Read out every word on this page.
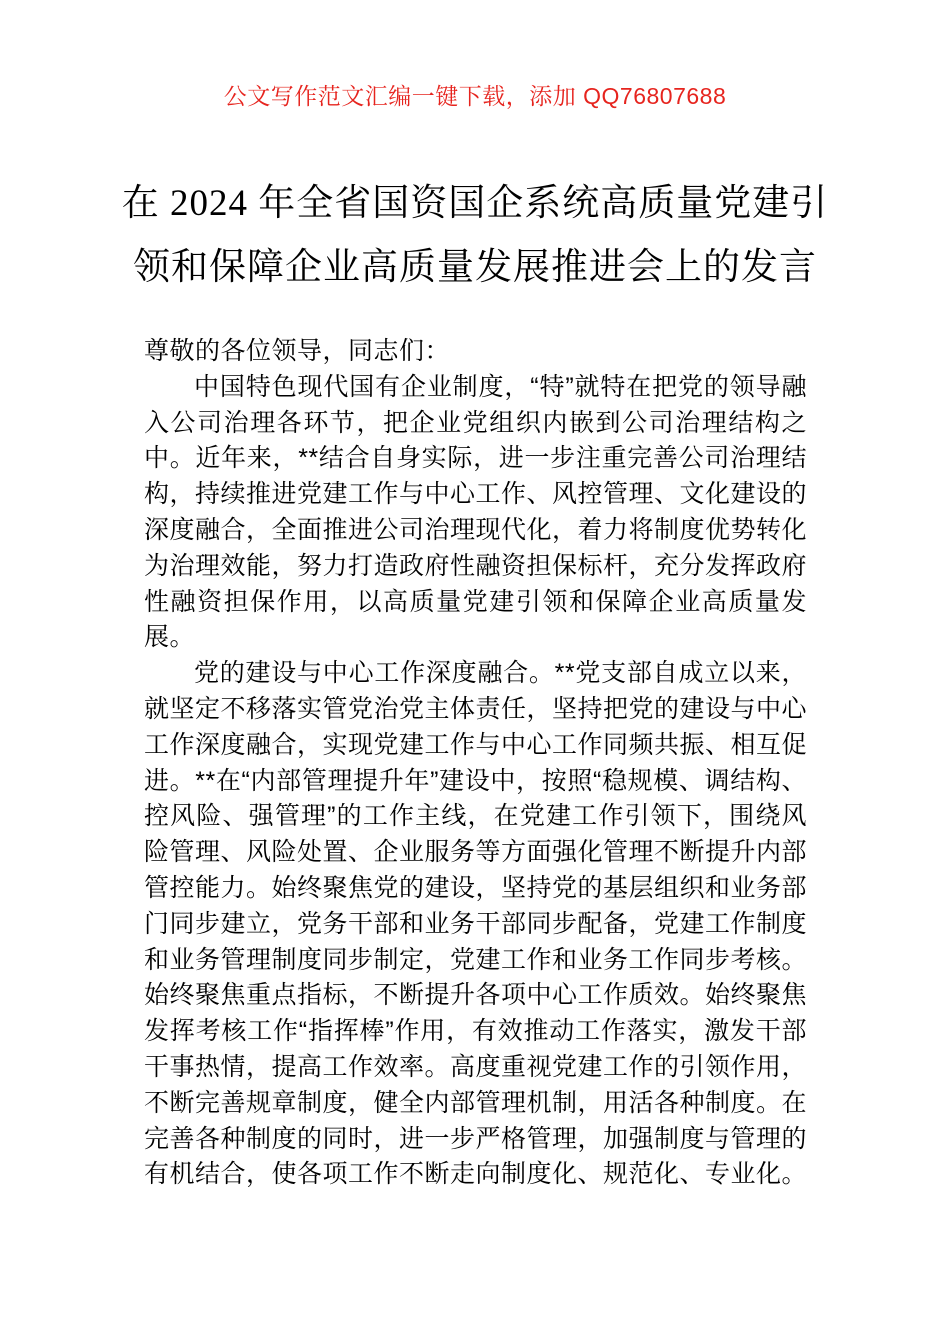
公文写作范文汇编一键下载，添加 QQ76807688
在 2024 年全省国资国企系统高质量党建引
领和保障企业高质量发展推进会上的发言

尊敬的各位领导，同志们：

中国特色现代国有企业制度，“特”就特在把党的领导融入公司治理各环节，把企业党组织内嵌到公司治理结构之中。近年来，**结合自身实际，进一步注重完善公司治理结构，持续推进党建工作与中心工作、风控管理、文化建设的深度融合，全面推进公司治理现代化，着力将制度优势转化为治理效能，努力打造政府性融资担保标杆，充分发挥政府性融资担保作用，以高质量党建引领和保障企业高质量发展。

党的建设与中心工作深度融合。**党支部自成立以来，就坚定不移落实管党治党主体责任，坚持把党的建设与中心工作深度融合，实现党建工作与中心工作同频共振、相互促进。**在“内部管理提升年”建设中，按照“稳规模、调结构、控风险、强管理”的工作主线，在党建工作引领下，围绕风险管理、风险处置、企业服务等方面强化管理不断提升内部管控能力。始终聚焦党的建设，坚持党的基层组织和业务部门同步建立，党务干部和业务干部同步配备，党建工作制度和业务管理制度同步制定，党建工作和业务工作同步考核。始终聚焦重点指标，不断提升各项中心工作质效。始终聚焦发挥考核工作“指挥棒”作用，有效推动工作落实，激发干部干事热情，提高工作效率。高度重视党建工作的引领作用，不断完善规章制度，健全内部管理机制，用活各种制度。在完善各种制度的同时，进一步严格管理，加强制度与管理的有机结合，使各项工作不断走向制度化、规范化、专业化。
